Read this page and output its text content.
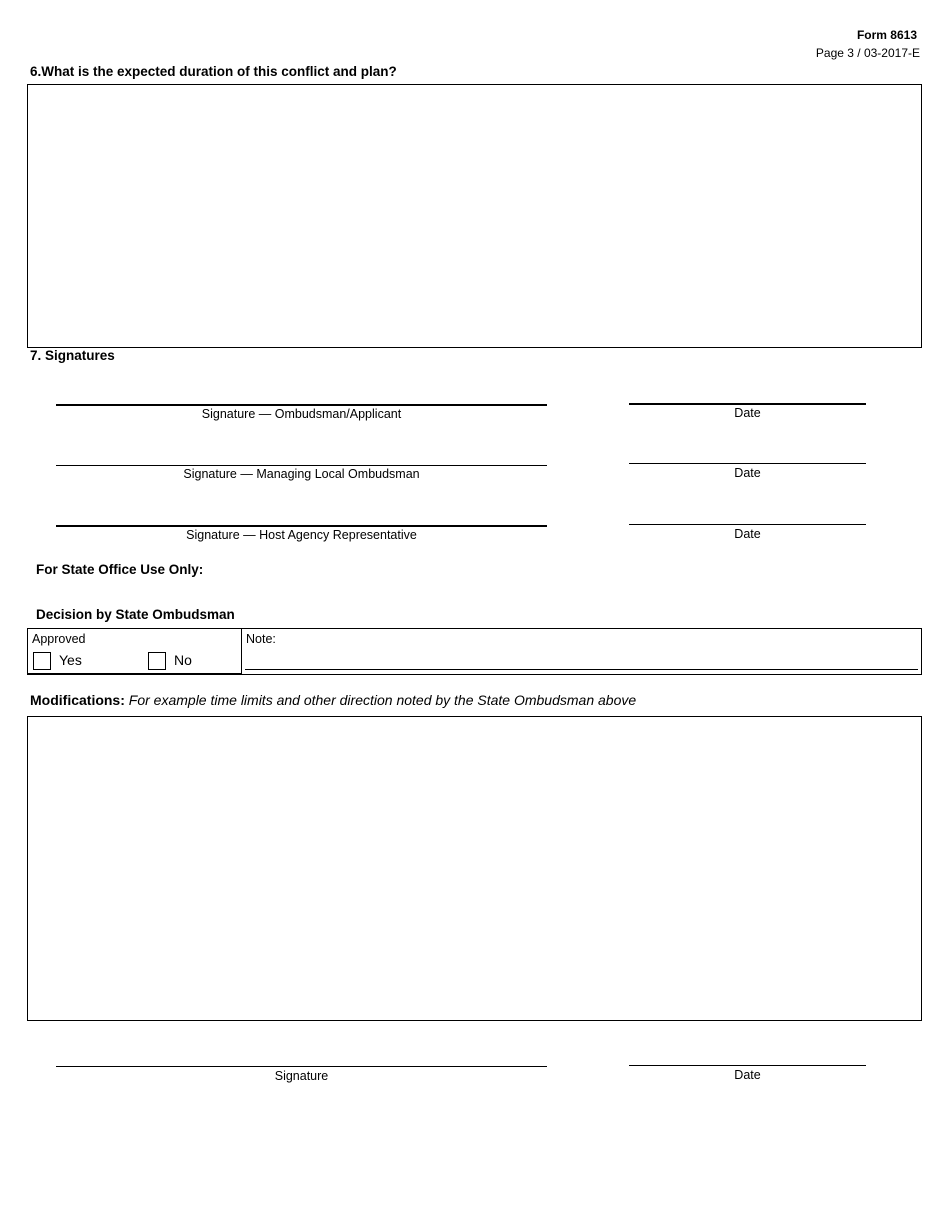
Form 8613
Page 3 / 03-2017-E
6.What is the expected duration of this conflict and plan?
7. Signatures
Signature — Ombudsman/Applicant	Date
Signature — Managing Local Ombudsman	Date
Signature — Host Agency Representative	Date
For State Office Use Only:
Decision by State Ombudsman
Approved
Yes	No
Note:
Modifications: For example time limits and other direction noted by the State Ombudsman above
Signature	Date
